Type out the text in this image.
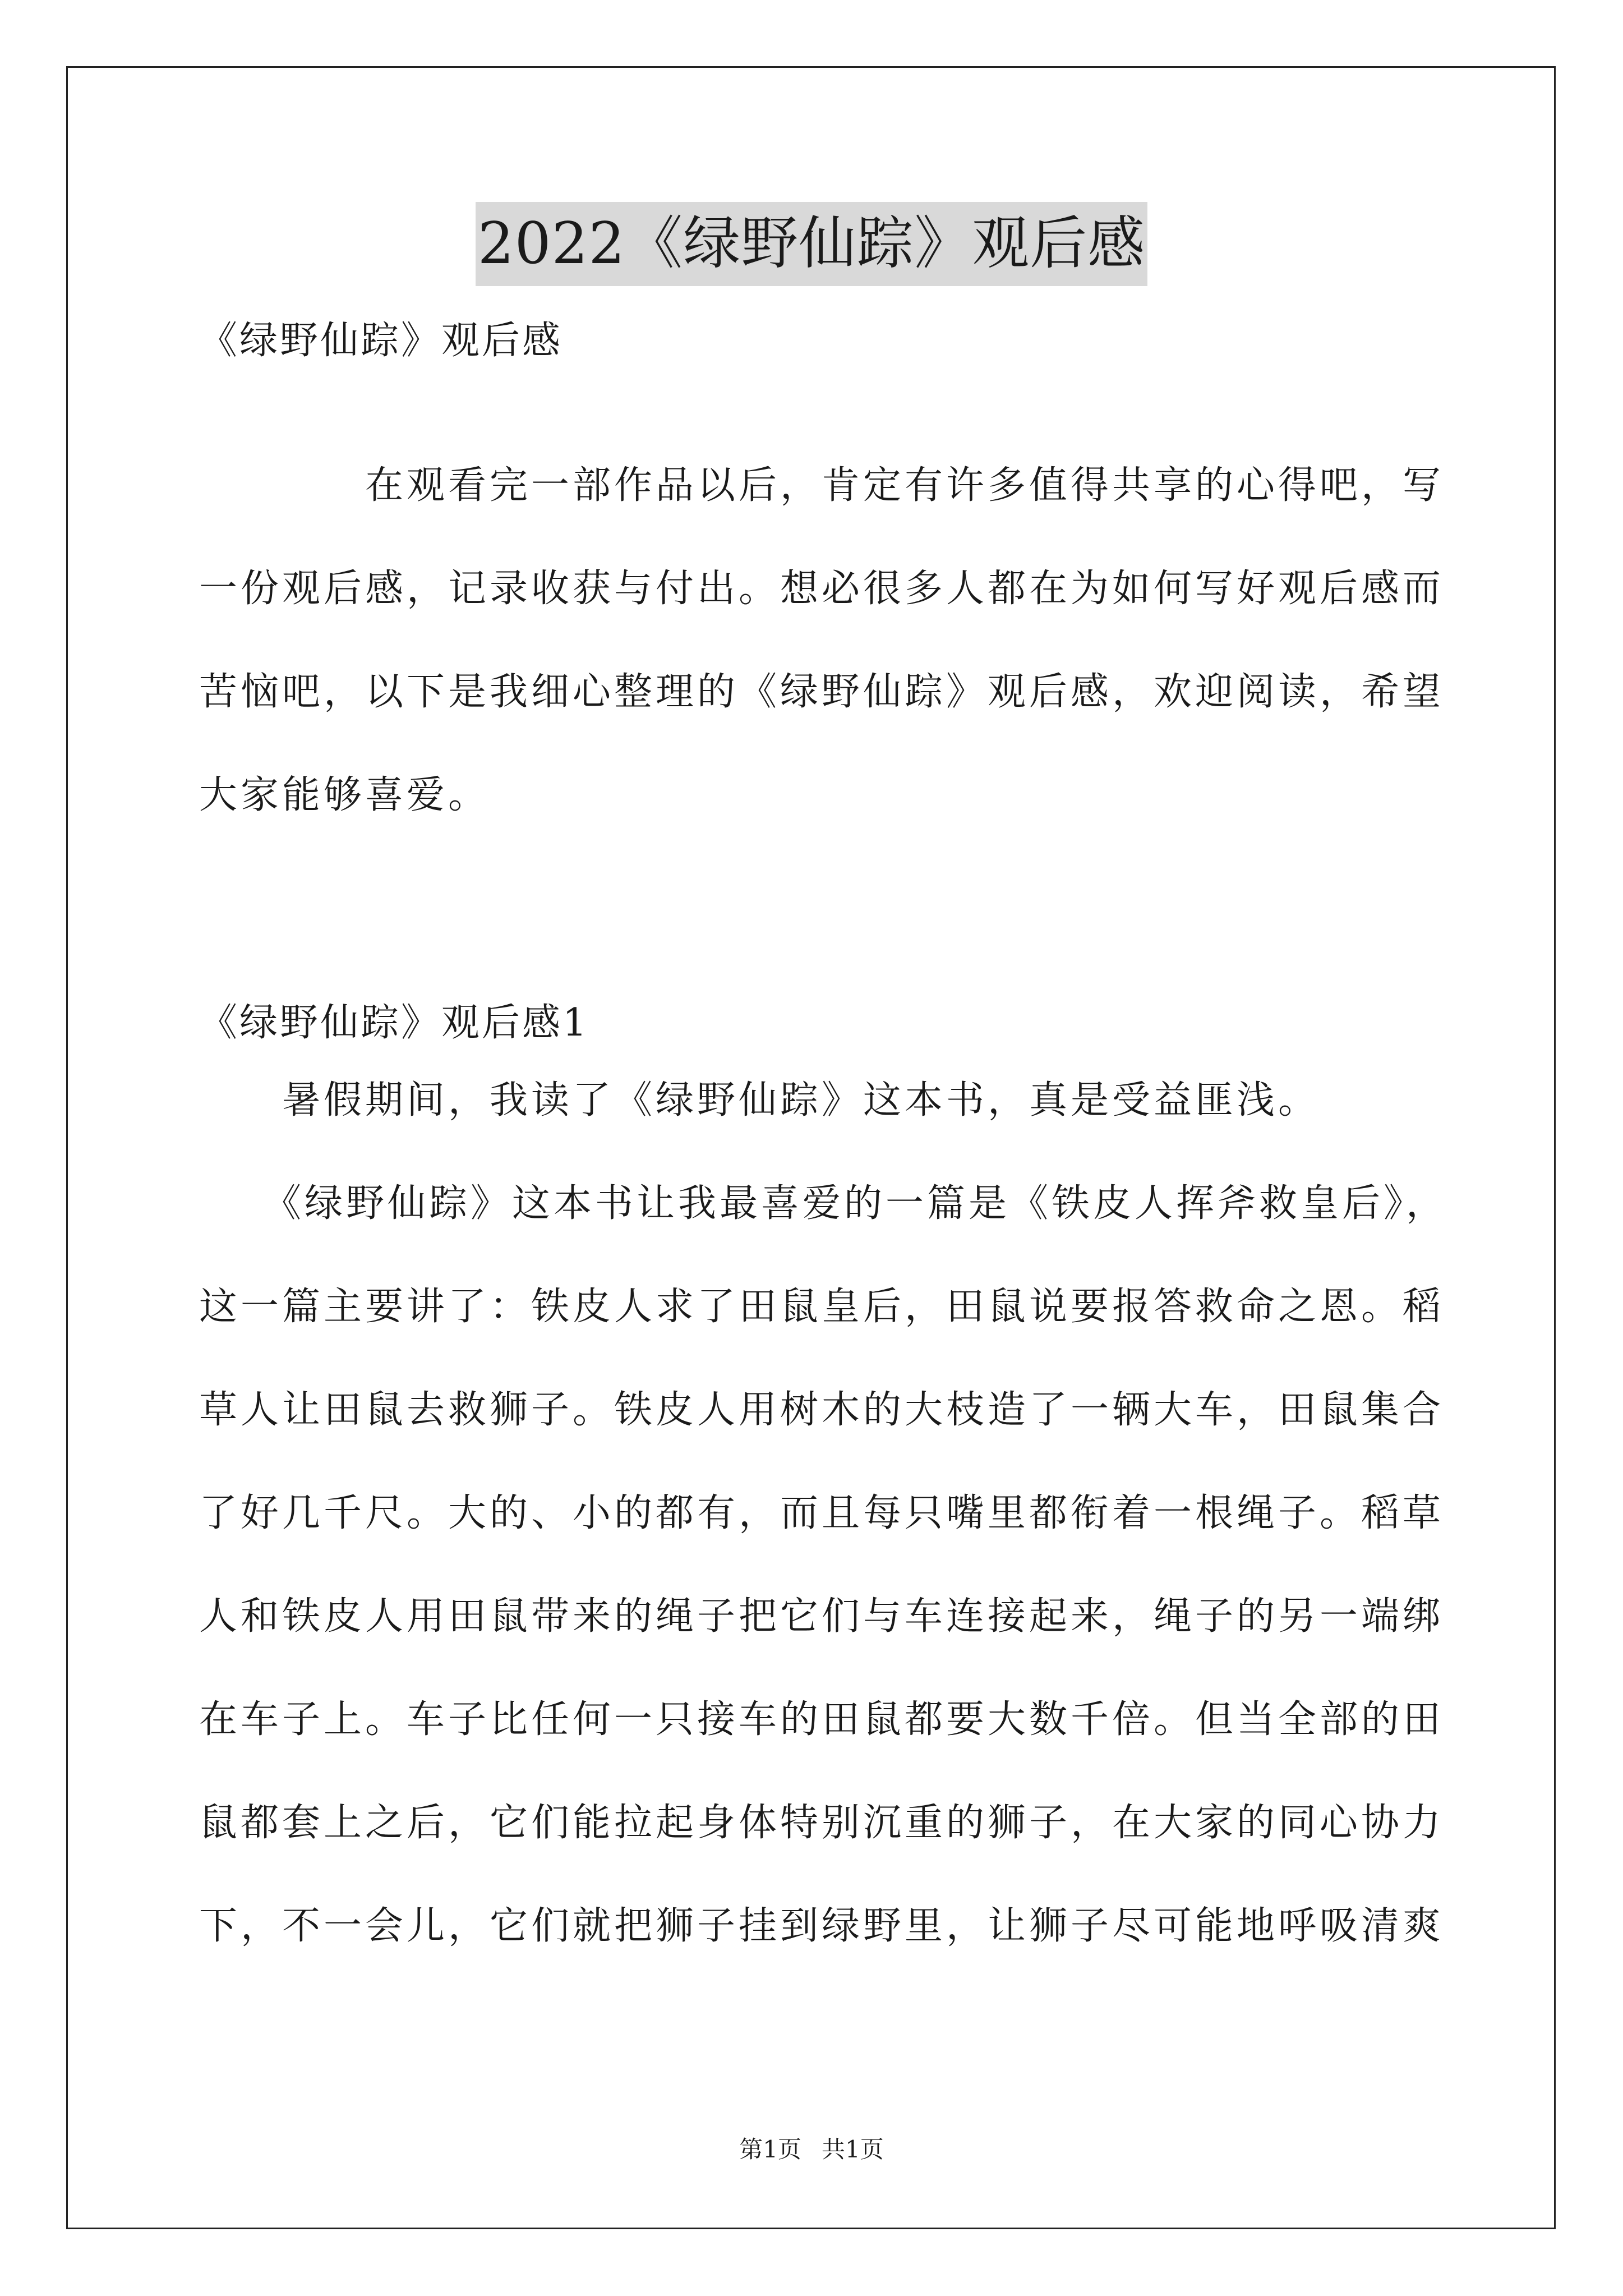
2022《绿野仙踪》观后感
《绿野仙踪》观后感

　　　　在观看完一部作品以后，肯定有许多值得共享的心得吧，写一份观后感，记录收获与付出。想必很多人都在为如何写好观后感而苦恼吧，以下是我细心整理的《绿野仙踪》观后感，欢迎阅读，希望大家能够喜爱。

《绿野仙踪》观后感1

　　暑假期间，我读了《绿野仙踪》这本书，真是受益匪浅。

　　《绿野仙踪》这本书让我最喜爱的一篇是《铁皮人挥斧救皇后》，这一篇主要讲了：铁皮人求了田鼠皇后，田鼠说要报答救命之恩。稻草人让田鼠去救狮子。铁皮人用树木的大枝造了一辆大车，田鼠集合了好几千尺。大的、小的都有，而且每只嘴里都衔着一根绳子。稻草人和铁皮人用田鼠带来的绳子把它们与车连接起来，绳子的另一端绑在车子上。车子比任何一只接车的田鼠都要大数千倍。但当全部的田鼠都套上之后，它们能拉起身体特别沉重的狮子，在大家的同心协力下，不一会儿，它们就把狮子挂到绿野里，让狮子尽可能地呼吸清爽

第1页 共1页
